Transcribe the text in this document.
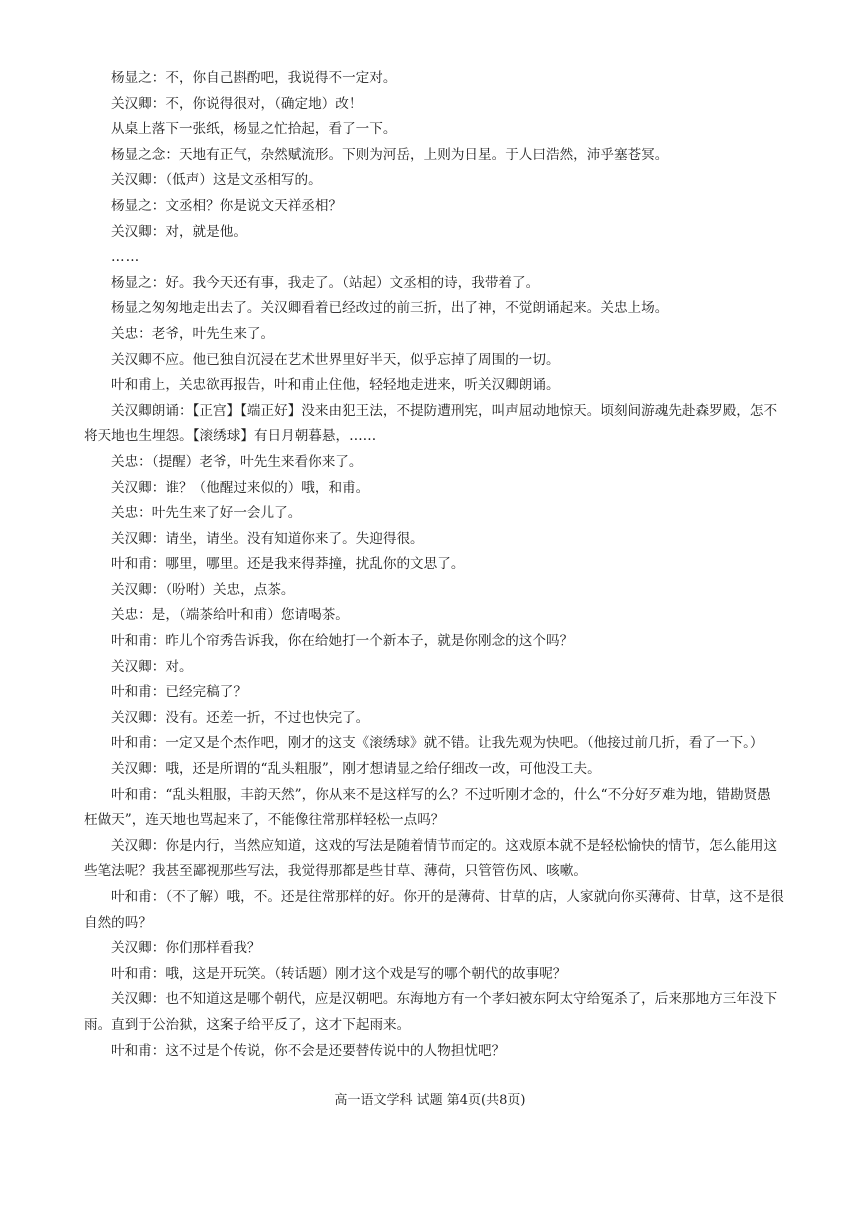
杨显之：不，你自己斟酌吧，我说得不一定对。

关汉卿：不，你说得很对，（确定地）改！

从桌上落下一张纸，杨显之忙拾起，看了一下。

杨显之念：天地有正气，杂然赋流形。下则为河岳，上则为日星。于人曰浩然，沛乎塞苍冥。

关汉卿：（低声）这是文丞相写的。

杨显之：文丞相？你是说文天祥丞相？

关汉卿：对，就是他。

……

杨显之：好。我今天还有事，我走了。（站起）文丞相的诗，我带着了。

杨显之匆匆地走出去了。关汉卿看着已经改过的前三折，出了神，不觉朗诵起来。关忠上场。

关忠：老爷，叶先生来了。

关汉卿不应。他已独自沉浸在艺术世界里好半天，似乎忘掉了周围的一切。

叶和甫上，关忠欲再报告，叶和甫止住他，轻轻地走进来，听关汉卿朗诵。

关汉卿朗诵：【正宫】【端正好】没来由犯王法，不提防遭刑宪，叫声屈动地惊天。顷刻间游魂先赴森罗殿，怎不将天地也生埋怨。【滚绣球】有日月朝暮悬，……

关忠：（提醒）老爷，叶先生来看你来了。

关汉卿：谁？（他醒过来似的）哦，和甫。

关忠：叶先生来了好一会儿了。

关汉卿：请坐，请坐。没有知道你来了。失迎得很。

叶和甫：哪里，哪里。还是我来得莽撞，扰乱你的文思了。

关汉卿：（吩咐）关忠，点茶。

关忠：是，（端茶给叶和甫）您请喝茶。

叶和甫：昨儿个帘秀告诉我，你在给她打一个新本子，就是你刚念的这个吗？

关汉卿：对。

叶和甫：已经完稿了？

关汉卿：没有。还差一折，不过也快完了。

叶和甫：一定又是个杰作吧，刚才的这支《滚绣球》就不错。让我先观为快吧。（他接过前几折，看了一下。）

关汉卿：哦，还是所谓的“乱头粗服”，刚才想请显之给仔细改一改，可他没工夫。

叶和甫：“乱头粗服，丰韵天然”，你从来不是这样写的么？不过听刚才念的，什么“不分好歹难为地，错勘贤愚枉做天”，连天地也骂起来了，不能像往常那样轻松一点吗？

关汉卿：你是内行，当然应知道，这戏的写法是随着情节而定的。这戏原本就不是轻松愉快的情节，怎么能用这些笔法呢？我甚至鄙视那些写法，我觉得那都是些甘草、薄荷，只管管伤风、咳嗽。

叶和甫：（不了解）哦，不。还是往常那样的好。你开的是薄荷、甘草的店，人家就向你买薄荷、甘草，这不是很自然的吗？

关汉卿：你们那样看我？

叶和甫：哦，这是开玩笑。（转话题）刚才这个戏是写的哪个朝代的故事呢？

关汉卿：也不知道这是哪个朝代，应是汉朝吧。东海地方有一个孝妇被东阿太守给冤杀了，后来那地方三年没下雨。直到于公治狱，这案子给平反了，这才下起雨来。

叶和甫：这不过是个传说，你不会是还要替传说中的人物担忧吧？

高一语文学科 试题 第4页(共8页)
